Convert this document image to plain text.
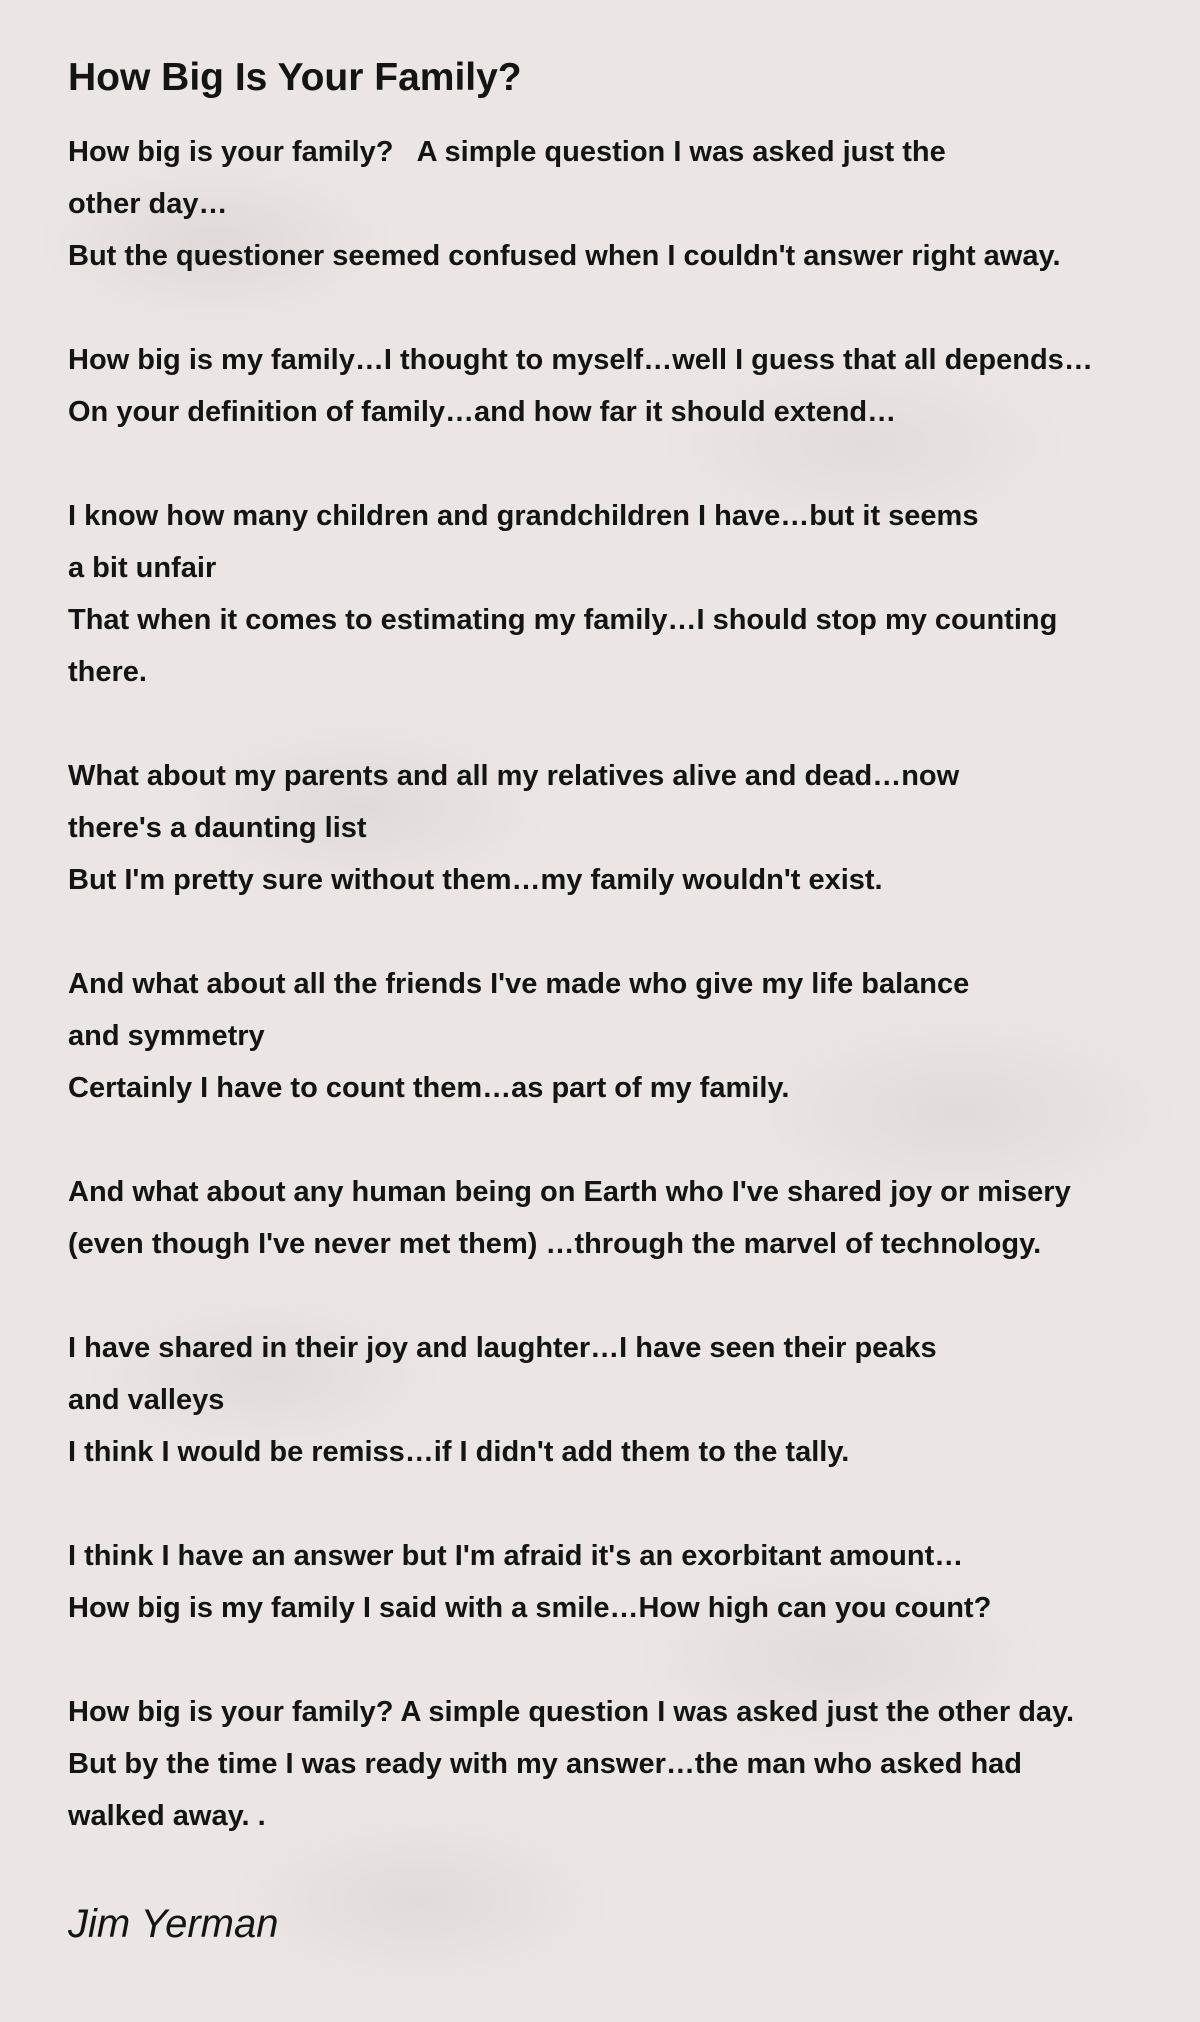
How Big Is Your Family?
How big is your family?   A simple question I was asked just the
other day…
But the questioner seemed confused when I couldn't answer right away.
How big is my family…I thought to myself…well I guess that all depends…
On your definition of family…and how far it should extend…
I know how many children and grandchildren I have…but it seems
a bit unfair
That when it comes to estimating my family…I should stop my counting
there.
What about my parents and all my relatives alive and dead…now
there's a daunting list
But I'm pretty sure without them…my family wouldn't exist.
And what about all the friends I've made who give my life balance
and symmetry
Certainly I have to count them…as part of my family.
And what about any human being on Earth who I've shared joy or misery
(even though I've never met them) …through the marvel of technology.
I have shared in their joy and laughter…I have seen their peaks
and valleys
I think I would be remiss…if I didn't add them to the tally.
I think I have an answer but I'm afraid it's an exorbitant amount…
How big is my family I said with a smile…How high can you count?
How big is your family? A simple question I was asked just the other day.
But by the time I was ready with my answer…the man who asked had
walked away. .
Jim Yerman
